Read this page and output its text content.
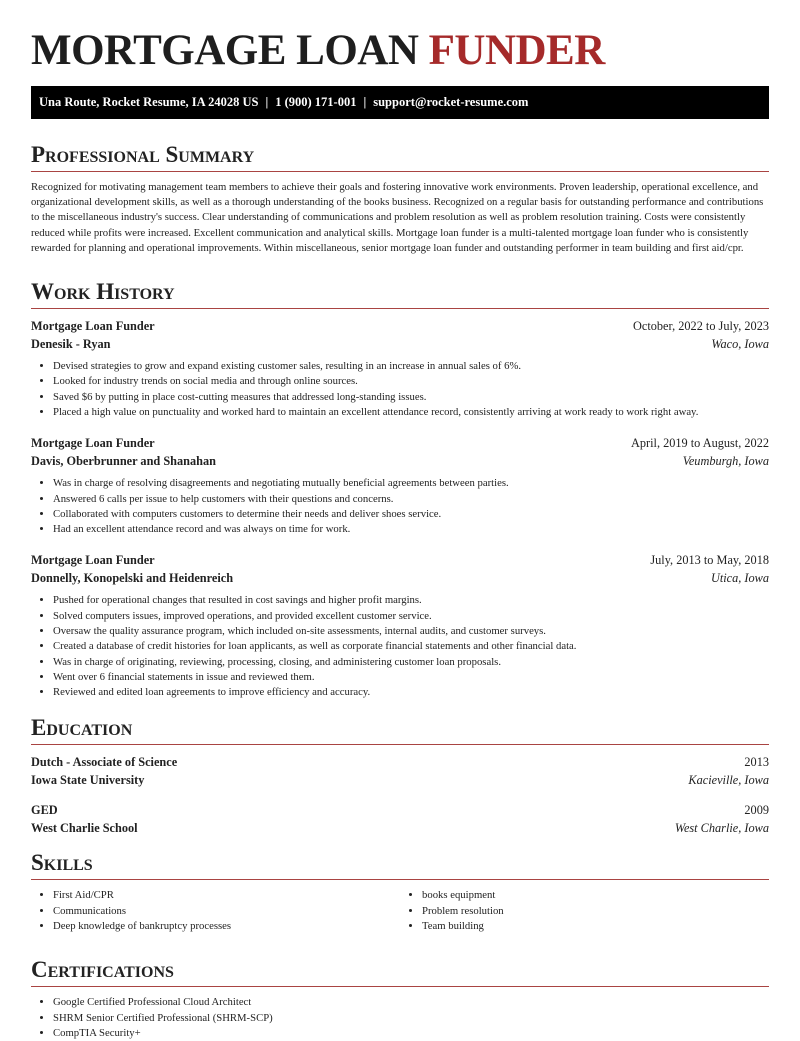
MORTGAGE LOAN FUNDER
Una Route, Rocket Resume, IA 24028 US | 1 (900) 171-001 | support@rocket-resume.com
Professional Summary

Recognized for motivating management team members to achieve their goals and fostering innovative work environments. Proven leadership, operational excellence, and organizational development skills, as well as a thorough understanding of the books business. Recognized on a regular basis for outstanding performance and contributions to the miscellaneous industry's success. Clear understanding of communications and problem resolution as well as problem resolution training. Costs were consistently reduced while profits were increased. Excellent communication and analytical skills. Mortgage loan funder is a multi-talented mortgage loan funder who is consistently rewarded for planning and operational improvements. Within miscellaneous, senior mortgage loan funder and outstanding performer in team building and first aid/cpr.

Work History
Mortgage Loan Funder	October, 2022 to July, 2023
Denesik - Ryan	Waco, Iowa
• Devised strategies to grow and expand existing customer sales, resulting in an increase in annual sales of 6%.
• Looked for industry trends on social media and through online sources.
• Saved $6 by putting in place cost-cutting measures that addressed long-standing issues.
• Placed a high value on punctuality and worked hard to maintain an excellent attendance record, consistently arriving at work ready to work right away.
Mortgage Loan Funder	April, 2019 to August, 2022
Davis, Oberbrunner and Shanahan	Veumburgh, Iowa
• Was in charge of resolving disagreements and negotiating mutually beneficial agreements between parties.
• Answered 6 calls per issue to help customers with their questions and concerns.
• Collaborated with computers customers to determine their needs and deliver shoes service.
• Had an excellent attendance record and was always on time for work.
Mortgage Loan Funder	July, 2013 to May, 2018
Donnelly, Konopelski and Heidenreich	Utica, Iowa
• Pushed for operational changes that resulted in cost savings and higher profit margins.
• Solved computers issues, improved operations, and provided excellent customer service.
• Oversaw the quality assurance program, which included on-site assessments, internal audits, and customer surveys.
• Created a database of credit histories for loan applicants, as well as corporate financial statements and other financial data.
• Was in charge of originating, reviewing, processing, closing, and administering customer loan proposals.
• Went over 6 financial statements in issue and reviewed them.
• Reviewed and edited loan agreements to improve efficiency and accuracy.
Education
Dutch - Associate of Science	2013
Iowa State University	Kacieville, Iowa
GED	2009
West Charlie School	West Charlie, Iowa
Skills
• First Aid/CPR
• Communications
• Deep knowledge of bankruptcy processes
• books equipment
• Problem resolution
• Team building
Certifications
• Google Certified Professional Cloud Architect
• SHRM Senior Certified Professional (SHRM-SCP)
• CompTIA Security+
